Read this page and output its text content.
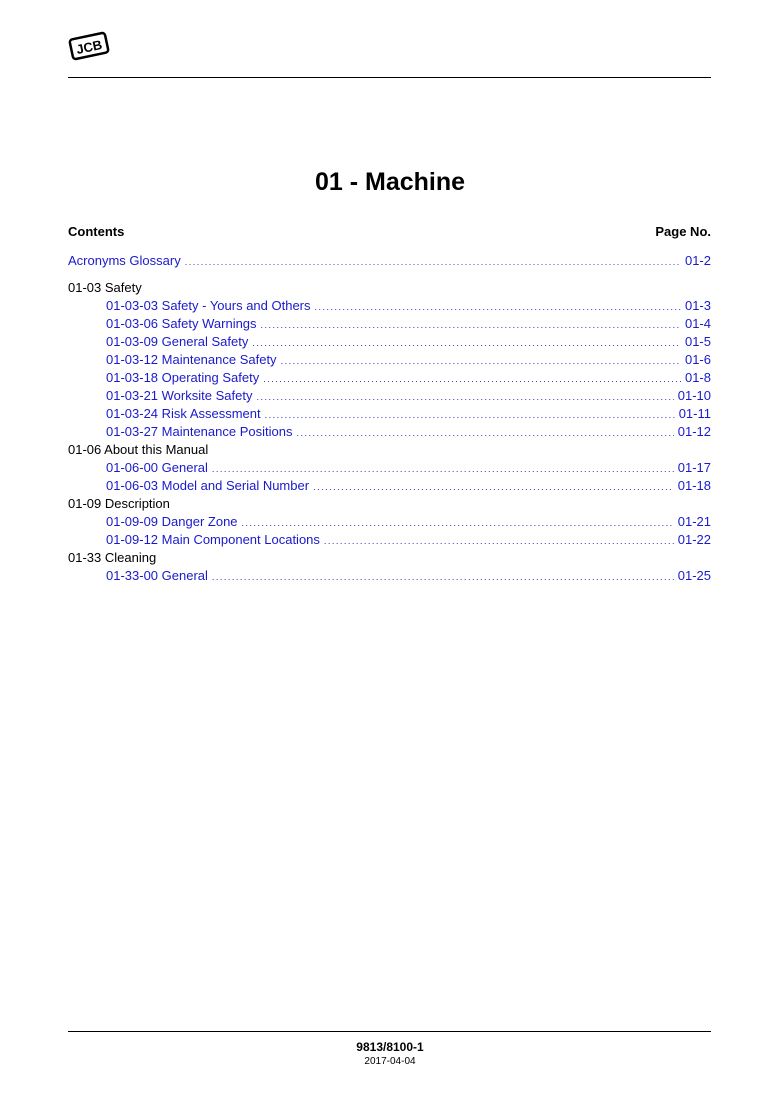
JCB
01 - Machine
Contents	Page No.
Acronyms Glossary .....	01-2
01-03 Safety
01-03-03 Safety - Yours and Others .....	01-3
01-03-06 Safety Warnings .....	01-4
01-03-09 General Safety .....	01-5
01-03-12 Maintenance Safety .....	01-6
01-03-18 Operating Safety .....	01-8
01-03-21 Worksite Safety .....	01-10
01-03-24 Risk Assessment .....	01-11
01-03-27 Maintenance Positions .....	01-12
01-06 About this Manual
01-06-00 General .....	01-17
01-06-03 Model and Serial Number .....	01-18
01-09 Description
01-09-09 Danger Zone .....	01-21
01-09-12 Main Component Locations .....	01-22
01-33 Cleaning
01-33-00 General .....	01-25
9813/8100-1
2017-04-04
